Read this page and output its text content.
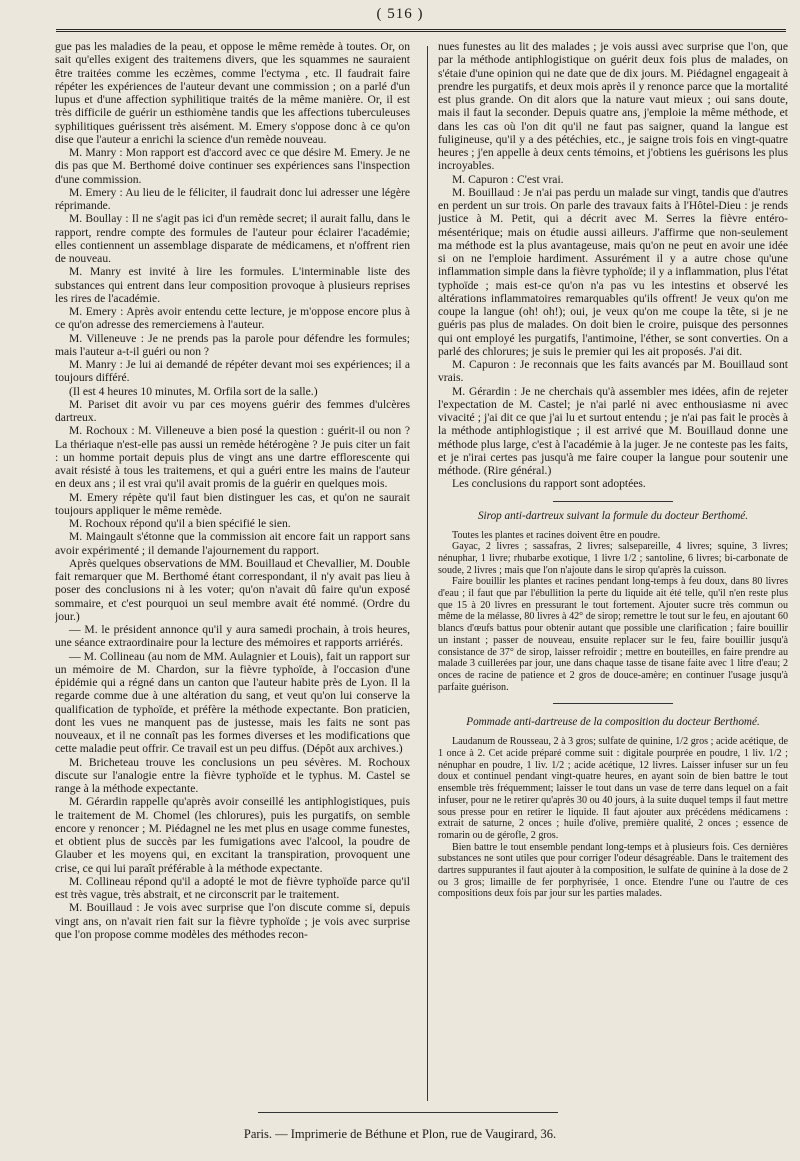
( 516 )

gue pas les maladies de la peau, et oppose le même remède à toutes. Or, on sait qu'elles exigent des traitemens divers, que les squammes ne sauraient être traitées comme les eczèmes, comme l'ectyma , etc. Il faudrait faire répéter les expériences de l'auteur devant une commission ; on a parlé d'un lupus et d'une affection syphilitique traités de la même manière. Or, il est très difficile de guérir un esthiomène tandis que les affections tuberculeuses syphilitiques guérissent très aisément. M. Emery s'oppose donc à ce qu'on dise que l'auteur a enrichi la science d'un remède nouveau.

M. Manry : Mon rapport est d'accord avec ce que désire M. Emery. Je ne dis pas que M. Berthomé doive continuer ses expériences sans l'inspection d'une commission.

M. Emery : Au lieu de le féliciter, il faudrait donc lui adresser une légère réprimande.

M. Boullay : Il ne s'agit pas ici d'un remède secret; il aurait fallu, dans le rapport, rendre compte des formules de l'auteur pour éclairer l'académie; elles contiennent un assemblage disparate de médicamens, et n'offrent rien de nouveau.

M. Manry est invité à lire les formules. L'interminable liste des substances qui entrent dans leur composition provoque à plusieurs reprises les rires de l'académie.

M. Emery : Après avoir entendu cette lecture, je m'oppose encore plus à ce qu'on adresse des remerciemens à l'auteur.

M. Villeneuve : Je ne prends pas la parole pour défendre les formules; mais l'auteur a-t-il guéri ou non ?

M. Manry : Je lui ai demandé de répéter devant moi ses expériences; il a toujours différé.

(Il est 4 heures 10 minutes, M. Orfila sort de la salle.)

M. Pariset dit avoir vu par ces moyens guérir des femmes d'ulcères dartreux.

M. Rochoux : M. Villeneuve a bien posé la question : guérit-il ou non ? La thériaque n'est-elle pas aussi un remède hétérogène ? Je puis citer un fait : un homme portait depuis plus de vingt ans une dartre efflorescente qui avait résisté à tous les traitemens, et qui a guéri entre les mains de l'auteur en deux ans ; il est vrai qu'il avait promis de la guérir en quelques mois.

M. Emery répète qu'il faut bien distinguer les cas, et qu'on ne saurait toujours appliquer le même remède.

M. Rochoux répond qu'il a bien spécifié le sien.

M. Maingault s'étonne que la commission ait encore fait un rapport sans avoir expérimenté ; il demande l'ajournement du rapport.

Après quelques observations de MM. Bouillaud et Chevallier, M. Double fait remarquer que M. Berthomé étant correspondant, il n'y avait pas lieu à poser des conclusions ni à les voter; qu'on n'avait dû faire qu'un exposé sommaire, et c'est pourquoi un seul membre avait été nommé. (Ordre du jour.)

— M. le président annonce qu'il y aura samedi prochain, à trois heures, une séance extraordinaire pour la lecture des mémoires et rapports arriérés.

— M. Collineau (au nom de MM. Aulagnier et Louis), fait un rapport sur un mémoire de M. Chardon, sur la fièvre typhoïde, à l'occasion d'une épidémie qui a régné dans un canton que l'auteur habite près de Lyon. Il la regarde comme due à une altération du sang, et veut qu'on lui conserve la qualification de typhoïde, et préfère la méthode expectante. Bon praticien, dont les vues ne manquent pas de justesse, mais les faits ne sont pas nouveaux, et il ne connaît pas les formes diverses et les modifications que cette maladie peut offrir. Ce travail est un peu diffus. (Dépôt aux archives.)

M. Bricheteau trouve les conclusions un peu sévères. M. Rochoux discute sur l'analogie entre la fièvre typhoïde et le typhus. M. Castel se range à la méthode expectante.

M. Gérardin rappelle qu'après avoir conseillé les antiphlogistiques, puis le traitement de M. Chomel (les chlorures), puis les purgatifs, on semble encore y renoncer ; M. Piédagnel ne les met plus en usage comme funestes, et obtient plus de succès par les fumigations avec l'alcool, la poudre de Glauber et les moyens qui, en excitant la transpiration, provoquent une crise, ce qui lui paraît préférable à la méthode expectante.

M. Collineau répond qu'il a adopté le mot de fièvre typhoïde parce qu'il est très vague, très abstrait, et ne circonscrit par le traitement.

M. Bouillaud : Je vois avec surprise que l'on discute comme si, depuis vingt ans, on n'avait rien fait sur la fièvre typhoïde ; je vois avec surprise que l'on propose comme modèles des méthodes recon-

nues funestes au lit des malades ; je vois aussi avec surprise que l'on, que par la méthode antiphlogistique on guérit deux fois plus de malades, on s'étaie d'une opinion qui ne date que de dix jours. M. Piédagnel engageait à prendre les purgatifs, et deux mois après il y renonce parce que la mortalité est plus grande. On dit alors que la nature vaut mieux ; oui sans doute, mais il faut la seconder. Depuis quatre ans, j'emploie la même méthode, et dans les cas où l'on dit qu'il ne faut pas saigner, quand la langue est fuligineuse, qu'il y a des pétéchies, etc., je saigne trois fois en vingt-quatre heures ; j'en appelle à deux cents témoins, et j'obtiens les guérisons les plus incroyables.

M. Capuron : C'est vrai.

M. Bouillaud : Je n'ai pas perdu un malade sur vingt, tandis que d'autres en perdent un sur trois. On parle des travaux faits à l'Hôtel-Dieu : je rends justice à M. Petit, qui a décrit avec M. Serres la fièvre entéro-mésentérique; mais on étudie aussi ailleurs. J'affirme que non-seulement ma méthode est la plus avantageuse, mais qu'on ne peut en avoir une idée si on ne l'emploie hardiment. Assurément il y a autre chose qu'une inflammation simple dans la fièvre typhoïde; il y a inflammation, plus l'état typhoïde ; mais est-ce qu'on n'a pas vu les intestins et observé les altérations inflammatoires remarquables qu'ils offrent! Je veux qu'on me coupe la langue (oh! oh!); oui, je veux qu'on me coupe la tête, si je ne guéris pas plus de malades. On doit bien le croire, puisque des personnes qui ont employé les purgatifs, l'antimoine, l'éther, se sont converties. On a parlé des chlorures; je suis le premier qui les ait proposés. J'ai dit.

M. Capuron : Je reconnais que les faits avancés par M. Bouillaud sont vrais.

M. Gérardin : Je ne cherchais qu'à assembler mes idées, afin de rejeter l'expectation de M. Castel; je n'ai parlé ni avec enthousiasme ni avec vivacité ; j'ai dit ce que j'ai lu et surtout entendu ; je n'ai pas fait le procès à la méthode antiphlogistique ; il est arrivé que M. Bouillaud donne une méthode plus large, c'est à l'académie à la juger. Je ne conteste pas les faits, et je n'irai certes pas jusqu'à me faire couper la langue pour soutenir une méthode. (Rire général.)

Les conclusions du rapport sont adoptées.

Sirop anti-dartreux suivant la formule du docteur Berthomé.

Toutes les plantes et racines doivent être en poudre.

Gayac, 2 livres ; sassafras, 2 livres; salsepareille, 4 livres; squine, 3 livres; nénuphar, 1 livre; rhubarbe exotique, 1 livre 1/2 ; santoline, 6 livres; bi-carbonate de soude, 2 livres ; mais que l'on n'ajoute dans le sirop qu'après la cuisson.

Faire bouillir les plantes et racines pendant long-temps à feu doux, dans 80 livres d'eau ; il faut que par l'ébullition la perte du liquide ait été telle, qu'il n'en reste plus que 15 à 20 livres en pressurant le tout fortement. Ajouter sucre très commun ou même de la mélasse, 80 livres à 42° de sirop; remettre le tout sur le feu, en ajoutant 60 blancs d'œufs battus pour obtenir autant que possible une clarification ; faire bouillir un instant ; passer de nouveau, ensuite replacer sur le feu, faire bouillir jusqu'à consistance de 37° de sirop, laisser refroidir ; mettre en bouteilles, en faire prendre au malade 3 cuillerées par jour, une dans chaque tasse de tisane faite avec 1 litre d'eau; 2 onces de racine de patience et 2 gros de douce-amère; en continuer l'usage jusqu'à parfaite guérison.

Pommade anti-dartreuse de la composition du docteur Berthomé.

Laudanum de Rousseau, 2 à 3 gros; sulfate de quinine, 1/2 gros ; acide acétique, de 1 once à 2. Cet acide préparé comme suit : digitale pourprée en poudre, 1 liv. 1/2 ; nénuphar en poudre, 1 liv. 1/2 ; acide acétique, 12 livres. Laisser infuser sur un feu doux et continuel pendant vingt-quatre heures, en ayant soin de bien battre le tout ensemble très fréquemment; laisser le tout dans un vase de terre dans lequel on a fait infuser, pour ne le retirer qu'après 30 ou 40 jours, à la suite duquel temps il faut mettre sous presse pour en retirer le liquide. Il faut ajouter aux précédens médicamens : extrait de saturne, 2 onces ; huile d'olive, première qualité, 2 onces ; essence de romarin ou de gérofle, 2 gros.

Bien battre le tout ensemble pendant long-temps et à plusieurs fois. Ces dernières substances ne sont utiles que pour corriger l'odeur désagréable. Dans le traitement des dartres suppurantes il faut ajouter à la composition, le sulfate de quinine à la dose de 2 ou 3 gros; limaille de fer porphyrisée, 1 once. Etendre l'une ou l'autre de ces compositions deux fois par jour sur les parties malades.

Paris. — Imprimerie de Béthune et Plon, rue de Vaugirard, 36.
